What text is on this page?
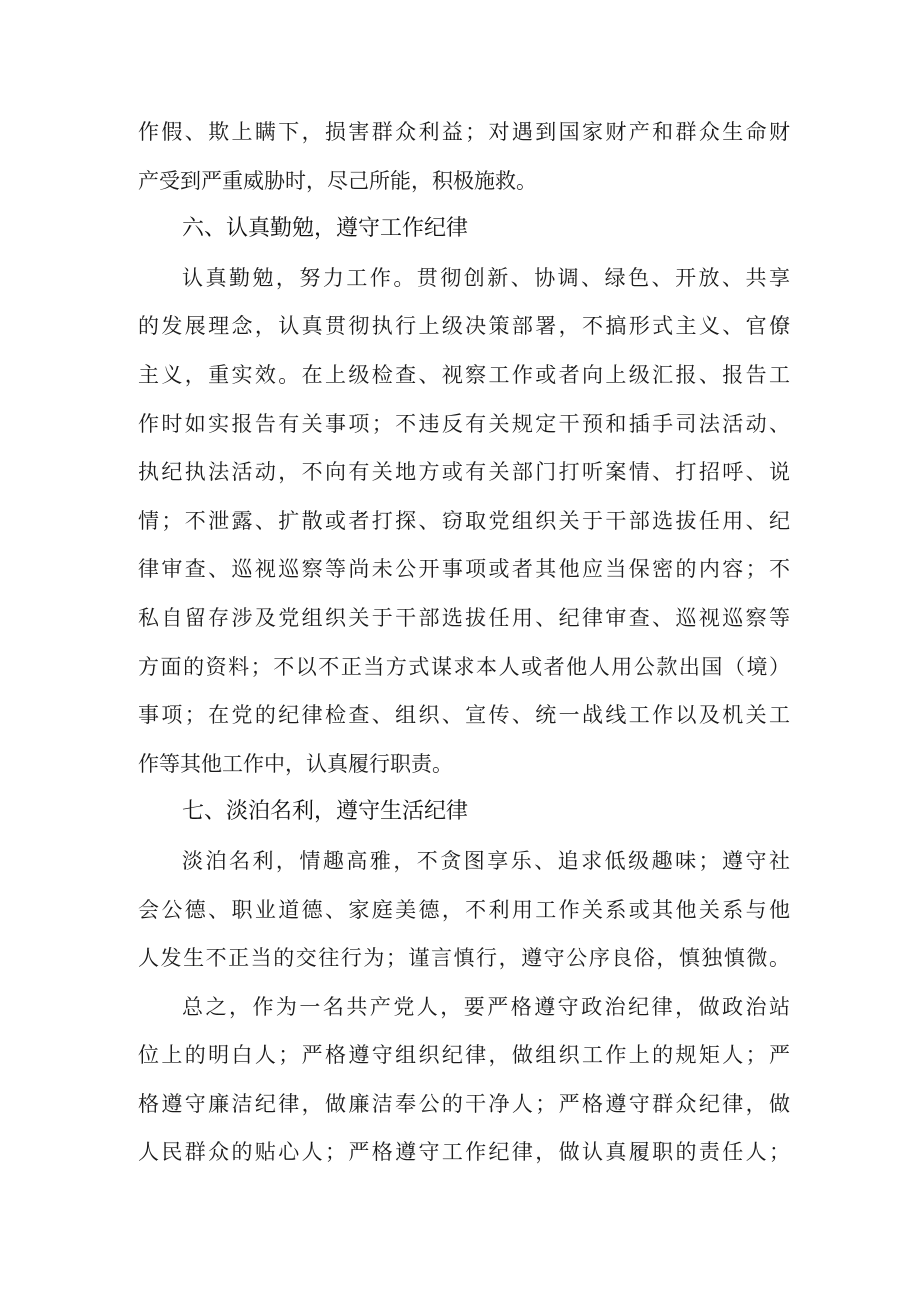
作假、欺上瞒下，损害群众利益；对遇到国家财产和群众生命财
产受到严重威胁时，尽己所能，积极施救。
六、认真勤勉，遵守工作纪律
认真勤勉，努力工作。贯彻创新、协调、绿色、开放、共享
的发展理念，认真贯彻执行上级决策部署，不搞形式主义、官僚
主义，重实效。在上级检查、视察工作或者向上级汇报、报告工
作时如实报告有关事项；不违反有关规定干预和插手司法活动、
执纪执法活动，不向有关地方或有关部门打听案情、打招呼、说
情；不泄露、扩散或者打探、窃取党组织关于干部选拔任用、纪
律审查、巡视巡察等尚未公开事项或者其他应当保密的内容；不
私自留存涉及党组织关于干部选拔任用、纪律审查、巡视巡察等
方面的资料；不以不正当方式谋求本人或者他人用公款出国（境）
事项；在党的纪律检查、组织、宣传、统一战线工作以及机关工
作等其他工作中，认真履行职责。
七、淡泊名利，遵守生活纪律
淡泊名利，情趣高雅，不贪图享乐、追求低级趣味；遵守社
会公德、职业道德、家庭美德，不利用工作关系或其他关系与他
人发生不正当的交往行为；谨言慎行，遵守公序良俗，慎独慎微。
总之，作为一名共产党人，要严格遵守政治纪律，做政治站
位上的明白人；严格遵守组织纪律，做组织工作上的规矩人；严
格遵守廉洁纪律，做廉洁奉公的干净人；严格遵守群众纪律，做
人民群众的贴心人；严格遵守工作纪律，做认真履职的责任人；
